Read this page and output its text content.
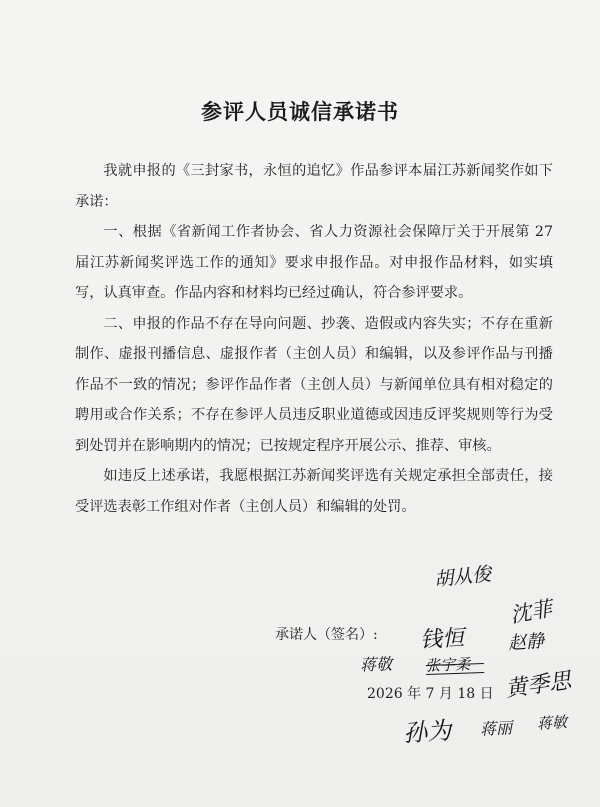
参评人员诚信承诺书

我就申报的《三封家书，永恒的追忆》作品参评本届江苏新闻奖作如下承诺：

一、根据《省新闻工作者协会、省人力资源社会保障厅关于开展第 27 届江苏新闻奖评选工作的通知》要求申报作品。对申报作品材料，如实填写，认真审查。作品内容和材料均已经过确认，符合参评要求。

二、申报的作品不存在导向问题、抄袭、造假或内容失实；不存在重新制作、虚报刊播信息、虚报作者（主创人员）和编辑，以及参评作品与刊播作品不一致的情况；参评作品作者（主创人员）与新闻单位具有相对稳定的聘用或合作关系；不存在参评人员违反职业道德或因违反评奖规则等行为受到处罚并在影响期内的情况；已按规定程序开展公示、推荐、审核。

如违反上述承诺，我愿根据江苏新闻奖评选有关规定承担全部责任，接受评选表彰工作组对作者（主创人员）和编辑的处罚。

承诺人（签名）:
胡从俊
沈菲
钱恒 赵静
蒋敬 张宇柔
黄季思
2026 年 7 月 18 日
孙为 蒋丽 蒋敏
